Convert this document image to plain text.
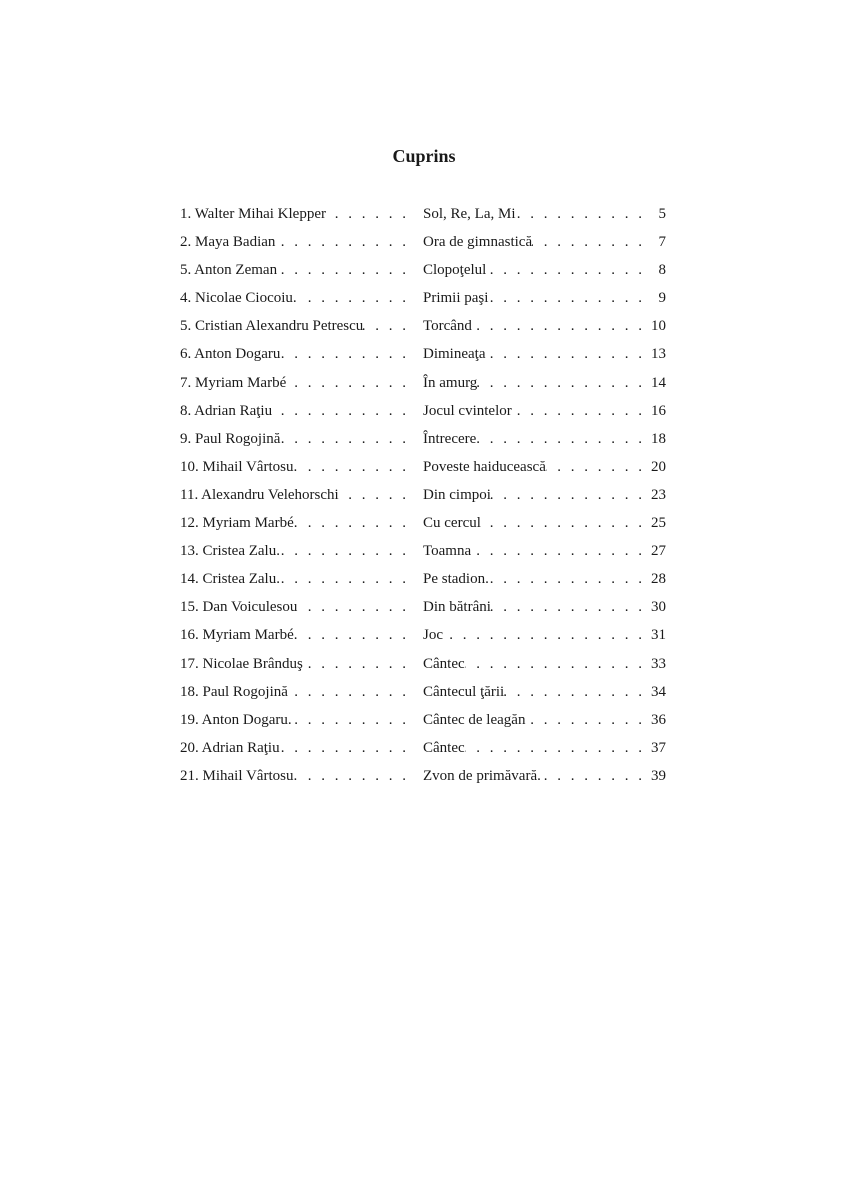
Cuprins
1. Walter Mihai Klepper . . .	Sol, Re, La, Mi . . .	5
2. Maya Badian . . .	Ora de gimnastică . . .	7
5. Anton Zeman . . .	Clopoţelul . . .	8
4. Nicolae Ciocoiu. . . .	Primii paşi . . .	9
5. Cristian Alexandru Petrescu . . .	Torcând . . .	10
6. Anton Dogaru . . .	Dimineaţa . . .	13
7. Myriam Marbé . . .	În amurg . . .	14
8. Adrian Raţiu . . .	Jocul cvintelor . . .	16
9. Paul Rogojină . . .	Întrecere . . .	18
10. Mihail Vârtosu. . . .	Poveste haiducească . . .	20
11. Alexandru Velehorschi . . .	Din cimpoi . . .	23
12. Myriam Marbé. . . .	Cu cercul . . .	25
13. Cristea Zalu. . . .	Toamna . . .	27
14. Cristea Zalu. . . .	Pe stadion. . . .	28
15. Dan Voiculesou . . .	Din bătrâni . . .	30
16. Myriam Marbé. . . .	Joc . . .	31
17. Nicolae Brânduş . . .	Cântec . . .	33
18. Paul Rogojină . . .	Cântecul ţării . . .	34
19. Anton Dogaru. . . .	Cântec de leagăn . . .	36
20. Adrian Raţiu . . .	Cântec . . .	37
21. Mihail Vârtosu. . . .	Zvon de primăvară. . . .	39
